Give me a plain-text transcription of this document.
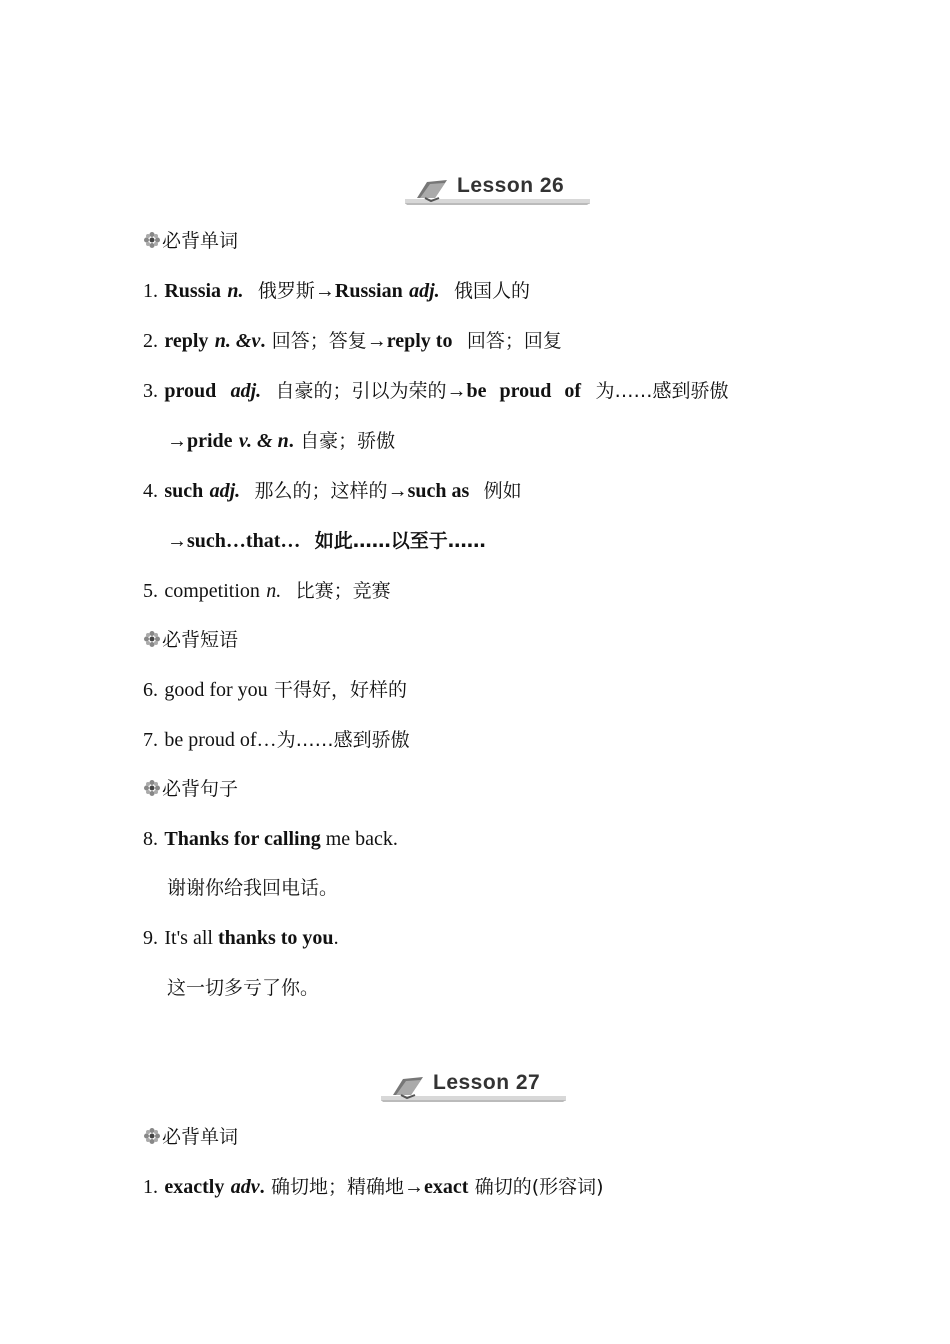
Lesson 26
必背单词
1. Russia n. 俄罗斯→Russian adj. 俄国人的
2. reply n. &v. 回答；答复→reply to 回答；回复
3. proud adj. 自豪的；引以为荣的→be proud of 为……感到骄傲
→pride v. & n. 自豪；骄傲
4. such adj. 那么的；这样的→such as 例如
→such…that… 如此……以至于……
5. competition n. 比赛；竞赛
必背短语
6. good for you 干得好，好样的
7. be proud of…为……感到骄傲
必背句子
8. Thanks for calling me back.
谢谢你给我回电话。
9. It's all thanks to you.
这一切多亏了你。
Lesson 27
必背单词
1. exactly adv. 确切地；精确地→exact 确切的(形容词)
